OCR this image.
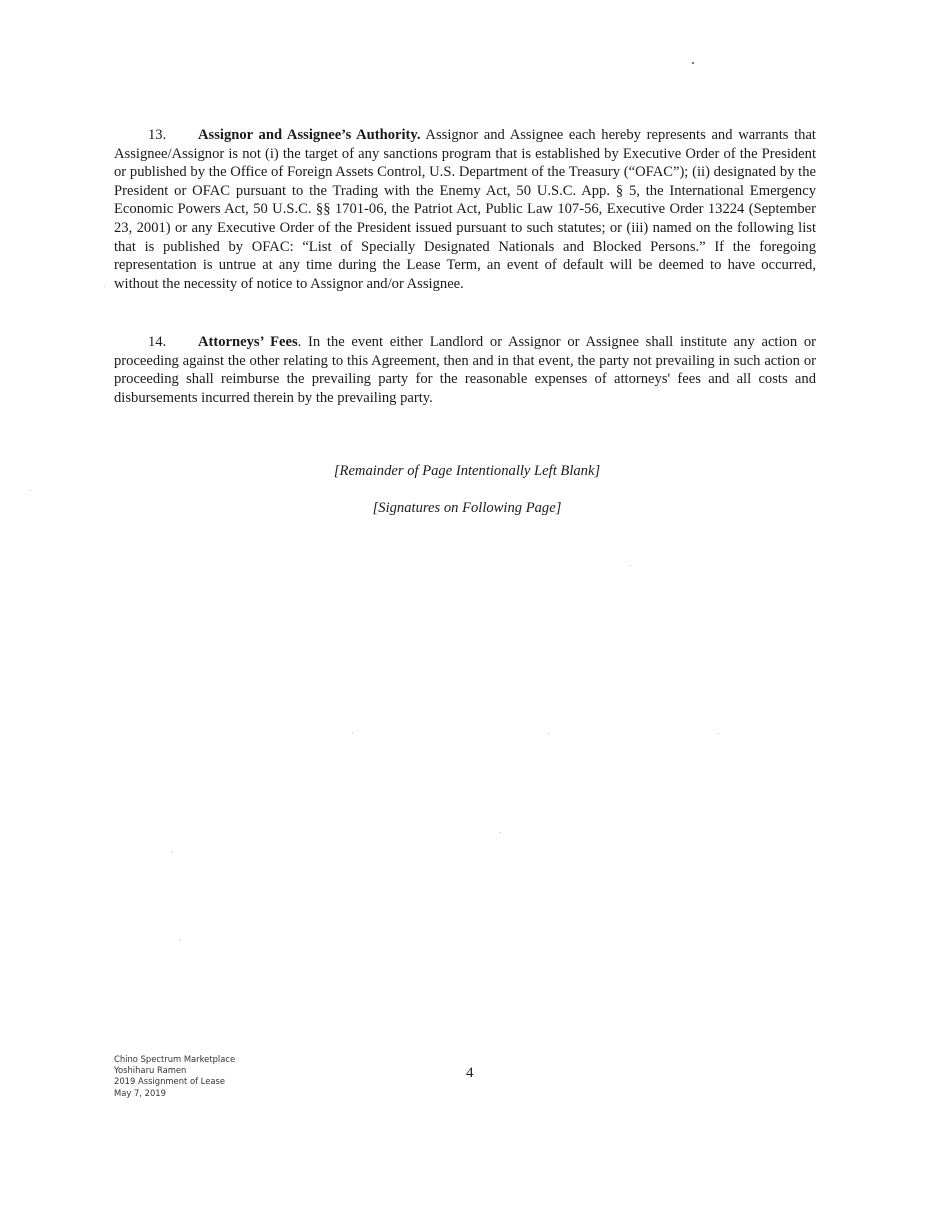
13. Assignor and Assignee’s Authority. Assignor and Assignee each hereby represents and warrants that Assignee/Assignor is not (i) the target of any sanctions program that is established by Executive Order of the President or published by the Office of Foreign Assets Control, U.S. Department of the Treasury (“OFAC”); (ii) designated by the President or OFAC pursuant to the Trading with the Enemy Act, 50 U.S.C. App. § 5, the International Emergency Economic Powers Act, 50 U.S.C. §§ 1701-06, the Patriot Act, Public Law 107-56, Executive Order 13224 (September 23, 2001) or any Executive Order of the President issued pursuant to such statutes; or (iii) named on the following list that is published by OFAC: “List of Specially Designated Nationals and Blocked Persons.” If the foregoing representation is untrue at any time during the Lease Term, an event of default will be deemed to have occurred, without the necessity of notice to Assignor and/or Assignee.

14. Attorneys’ Fees. In the event either Landlord or Assignor or Assignee shall institute any action or proceeding against the other relating to this Agreement, then and in that event, the party not prevailing in such action or proceeding shall reimburse the prevailing party for the reasonable expenses of attorneys' fees and all costs and disbursements incurred therein by the prevailing party.

[Remainder of Page Intentionally Left Blank]

[Signatures on Following Page]

Chino Spectrum Marketplace
Yoshiharu Ramen
2019 Assignment of Lease
May 7, 2019
4
